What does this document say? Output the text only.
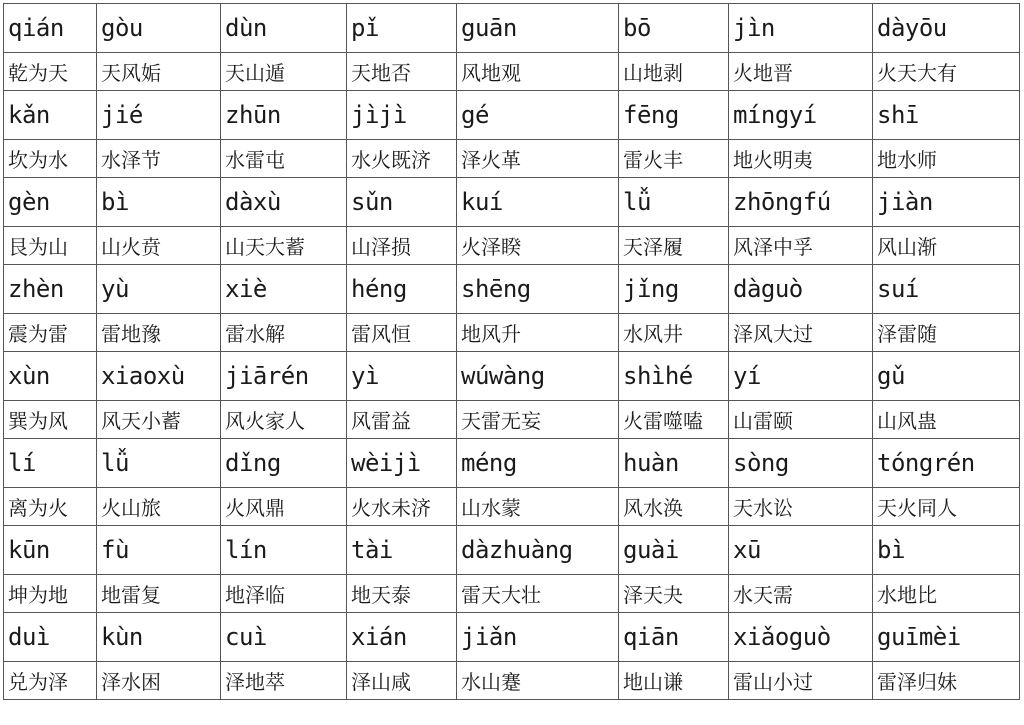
qián	gòu	dùn	pǐ	guān	bō	jìn	dàyōu
乾为天	天风姤	天山遁	天地否	风地观	山地剥	火地晋	火天大有
kǎn	jié	zhūn	jìjì	gé	fēng	míngyí	shī
坎为水	水泽节	水雷屯	水火既济	泽火革	雷火丰	地火明夷	地水师
gèn	bì	dàxù	sǔn	kuí	lǚ	zhōngfú	jiàn
艮为山	山火贲	山天大蓄	山泽损	火泽睽	天泽履	风泽中孚	风山渐
zhèn	yù	xiè	héng	shēng	jǐng	dàguò	suí
震为雷	雷地豫	雷水解	雷风恒	地风升	水风井	泽风大过	泽雷随
xùn	xiaoxù	jiārén	yì	wúwàng	shìhé	yí	gǔ
巽为风	风天小蓄	风火家人	风雷益	天雷无妄	火雷噬嗑	山雷颐	山风蛊
lí	lǚ	dǐng	wèijì	méng	huàn	sòng	tóngrén
离为火	火山旅	火风鼎	火水未济	山水蒙	风水涣	天水讼	天火同人
kūn	fù	lín	tài	dàzhuàng	guài	xū	bì
坤为地	地雷复	地泽临	地天泰	雷天大壮	泽天夬	水天需	水地比
duì	kùn	cuì	xián	jiǎn	qiān	xiǎoguò	guīmèi
兑为泽	泽水困	泽地萃	泽山咸	水山蹇	地山谦	雷山小过	雷泽归妹
